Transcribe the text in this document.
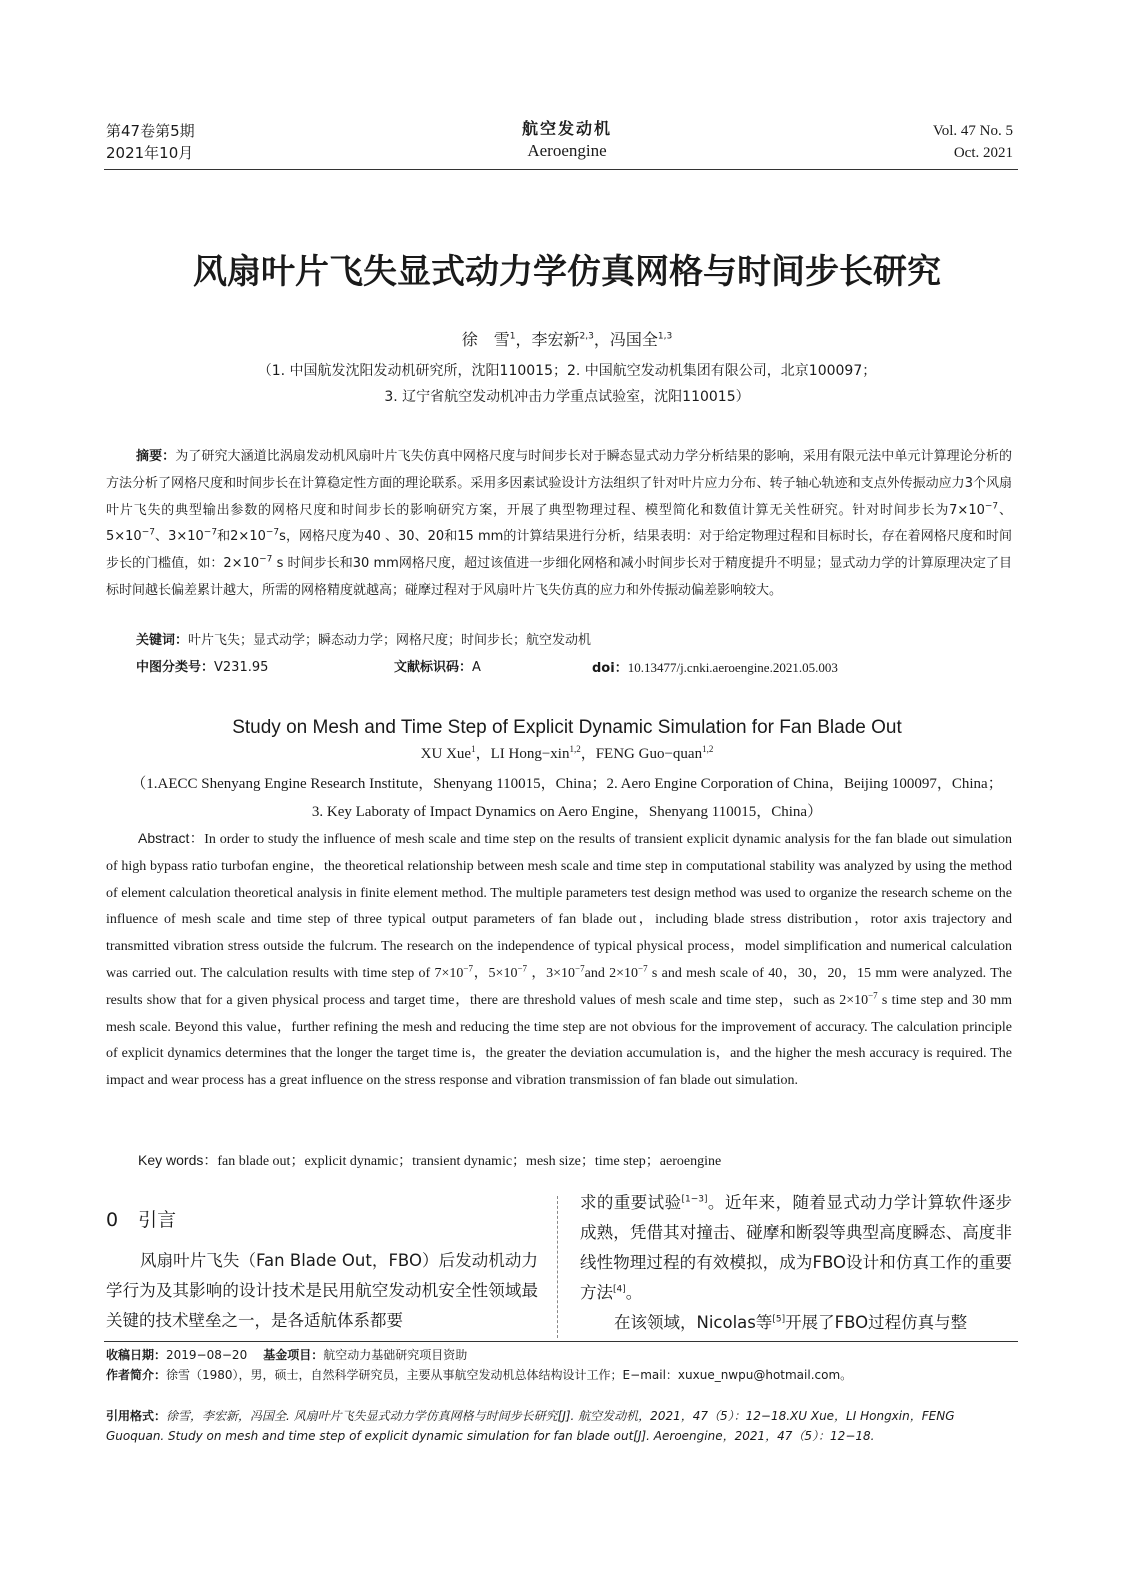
第47卷第5期
2021年10月
航空发动机
Aeroengine
Vol. 47 No. 5
Oct. 2021
风扇叶片飞失显式动力学仿真网格与时间步长研究
徐　雪$^1$，李宏新$^{2,3}$，冯国全$^{1,3}$
（1. 中国航发沈阳发动机研究所，沈阳110015；2. 中国航空发动机集团有限公司，北京100097；
3. 辽宁省航空发动机冲击力学重点试验室，沈阳110015）

摘要：为了研究大涵道比涡扇发动机风扇叶片飞失仿真中网格尺度与时间步长对于瞬态显式动力学分析结果的影响，采用有限元法中单元计算理论分析的方法分析了网格尺度和时间步长在计算稳定性方面的理论联系。采用多因素试验设计方法组织了针对叶片应力分布、转子轴心轨迹和支点外传振动应力3个风扇叶片飞失的典型输出参数的网格尺度和时间步长的影响研究方案，开展了典型物理过程、模型简化和数值计算无关性研究。针对时间步长为$7\times 10^{-7}$、$5\times 10^{-7}$、$3\times 10^{-7}$和$2\times 10^{-7}s$，网格尺度为40 、30、20和15 mm的计算结果进行分析，结果表明：对于给定物理过程和目标时长，存在着网格尺度和时间步长的门槛值，如：$2\times 10^{-7}$ s 时间步长和30 mm网格尺度，超过该值进一步细化网格和减小时间步长对于精度提升不明显；显式动力学的计算原理决定了目标时间越长偏差累计越大，所需的网格精度就越高；碰摩过程对于风扇叶片飞失仿真的应力和外传振动偏差影响较大。

关键词：叶片飞失；显式动学；瞬态动力学；网格尺度；时间步长；航空发动机
中图分类号：V231.95	文献标识码：A	doi：10.13477/j.cnki.aeroengine.2021.05.003
Study on Mesh and Time Step of Explicit Dynamic Simulation for Fan Blade Out
XU Xue$^1$，LI Hong−xin$^{1,2}$，FENG Guo−quan$^{1,2}$
（1.AECC Shenyang Engine Research Institute，Shenyang 110015，China；2. Aero Engine Corporation of China，Beijing 100097，China；
3. Key Laboraty of Impact Dynamics on Aero Engine，Shenyang 110015，China）

Abstract：In order to study the influence of mesh scale and time step on the results of transient explicit dynamic analysis for the fan blade out simulation of high bypass ratio turbofan engine，the theoretical relationship between mesh scale and time step in computational stability was analyzed by using the method of element calculation theoretical analysis in finite element method. The multiple parameters test design method was used to organize the research scheme on the influence of mesh scale and time step of three typical output parameters of fan blade out，including blade stress distribution，rotor axis trajectory and transmitted vibration stress outside the fulcrum. The research on the independence of typical physical process，model simplification and numerical calculation was carried out. The calculation results with time step of $7\times 10^{-7}$，$5\times 10^{-7}$ ，$3\times 10^{-7}and$ $2\times 10^{-7}$ s and mesh scale of 40，30，20，15 mm were analyzed. The results show that for a given physical process and target time，there are threshold values of mesh scale and time step，such as $2\times 10^{-7}$ s time step and 30 mm mesh scale. Beyond this value，further refining the mesh and reducing the time step are not obvious for the improvement of accuracy. The calculation principle of explicit dynamics determines that the longer the target time is，the greater the deviation accumulation is，and the higher the mesh accuracy is required. The impact and wear process has a great influence on the stress response and vibration transmission of fan blade out simulation.

Key words：fan blade out；explicit dynamic；transient dynamic；mesh size；time step；aeroengine
0 引言

风扇叶片飞失（Fan Blade Out，FBO）后发动机动力学行为及其影响的设计技术是民用航空发动机安全性领域最关键的技术壁垒之一，是各适航体系都要

求的重要试验[1−3]。近年来，随着显式动力学计算软件逐步成熟，凭借其对撞击、碰摩和断裂等典型高度瞬态、高度非线性物理过程的有效模拟，成为FBO设计和仿真工作的重要方法[4]。

在该领域，Nicolas等[5]开展了FBO过程仿真与整

收稿日期：2019−08−20 基金项目：航空动力基础研究项目资助
作者简介：徐雪（1980），男，硕士，自然科学研究员，主要从事航空发动机总体结构设计工作；E−mail：xuxue_nwpu@hotmail.com。
引用格式：徐雪，李宏新，冯国全. 风扇叶片飞失显式动力学仿真网格与时间步长研究[J]. 航空发动机，2021，47（5）：12−18.XU Xue，LI Hongxin，FENG Guoquan. Study on mesh and time step of explicit dynamic simulation for fan blade out[J]. Aeroengine，2021，47（5）：12−18.
